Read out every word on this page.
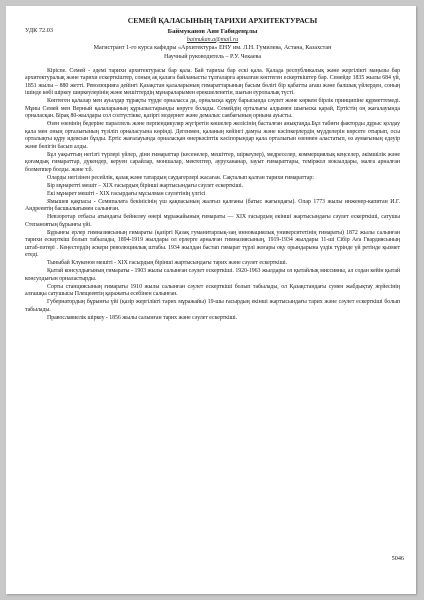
СЕМЕЙ ҚАЛАСЫНЫҢ ТАРИХИ АРХИТЕКТУРАСЫ
УДК 72.03	Баймуканов Аян Габиденұлы
baimukan.a@mail.ru
Магистрант 1-го курса кафедры «Архитектура» ЕНУ им. Л.Н. Гумилева, Астана, Казахстан
Научный руководитель – Р.У. Чекаева

Кіріспе. Семей - әдемі тарихи архитектурасы бар қала. Бай тарихы бар ескі қала. Қалада республикалық және жергілікті маңызы бар архитектуралық және тарихи ескерткіштер, соның ақ қалаға байланысты тұлғаларға арналған көптеген ескерткіштер бар. Семейде 1835 жылы 684 үй, 1851 жылы – 880 жетті. Революцияға дейінгі Қазақстан қалаларының гимараттарының басым бөлігі бір қабатты ағаш және балшық үйлерден, соның ішінде көбі шіркеу ширкеулерінің және мешіттердің мұнараларымен ерекшеленетін, шағын еуропалық түсті.

Көптеген қалалар мен ауылдар тұрақты түрде орналасса да, орналасқа құру барысында сәулет және көркем бірлік принципіне құрметтемеді. Мұны Семей мен Верный қалаларының құрылыстарынды көруге болады. Семейдің орталығы алдымен шығыска қарай, Ертістің оң жағалауында орналасқан. Бірақ 80-жылдары сол солтүстікке, қазіргі модернет және демалыс саябағының орнына ауысты.

Өзен өзенінің бедеріне параллель және перпендикуляр жүгіретін көшелер желісінің басталған анықтаңда.Бұл табиғи факторды дұрыс қолдау қала мен оның орталығының түзіліп орналасуына көрінді. Дегенмен, қаланың кейінгі дамуы және кәсіпкерлердің мүдделерін көрсете отырып, осы орталықты құру идеясын бұзды. Ертіс жағалауында орналасқан өнеркәсіптік кәсіпорындар қала орталығын өзеннен аластатып, өз аумағының едәуір және бөлігін басып алды.

Бұл уақыттың негізгі түрлері үйлер, діни ғимараттар (кесенелер, мешіттер, шіркеулер), медреселер, коммерциялық кеңселер, әкімшілік және қоғамдық ғимараттар, дүкендер, керуен сарайлар, моншалар, мектептер, аурухананар, зауыт ғимараттары, теміржол вокзалдары, малға арналған болмеппер болды. және т.б.

Оларды негізінен ресейлік, қазақ және татардың саудагерлері жасаған. Сақталып қалған тарихи ғимараттар:

Бір мұнаретті мешіт – XIX ғасырдың бірінші жартысындағы сәулет ескерткіші.

Екі мұнарет мешіті - XIX ғасырдағы мұсылман сәулетінің үлгісі

Ямышев қақпасы - Семипалата бекінісінің үш қақпасының жалғыз қалғаны (батыс жағындағы). Олар 1773 жылы инженер-капитан И.Г. Андреевтің басшылығымен салынған.

Невзоротар отбасы атындағы бейнелеу өнері мұражайының ғимараты — XIX ғасырдың екінші жартысындағы сәулет ескерткіші, сатушы Степановтың бұрынғы үйі.

Бұрынғы ерлер гимназиясының ғимараты (қазіргі Қазақ гуманитарлық-заң инновациялық университетінің ғимараты) 1872 жылы салынған тарихи ескерткіш болып табылады, 1894-1919 жылдары ол ерлерге арналған гимназиясының, 1919-1934 жылдары 11-ші Сібір Аға Гвардиясының штаб-пәтері . Кеңестердің әскери революциялық штабы. 1934 жылдан бастап гимарат түрлі жоғары оқу орындарына үздік түрінде үй ретінде қызмет етеді.

Тыныбай Клукенов мешіті - XIX ғасырдың бірінші жартысындағы тарих және сәулет ескерткіші.

Қытай консулдығының ғимараты - 1903 жылы салынған сәулет ескерткіші. 1920-1963 жылдары ол қытайлық миссияны, ал содан кейін қытай консулдығын орналастырды.

Сорты станциясының ғимараты 1910 жылы салынған сәулет ескерткіші болып табылады, ол Қазақстандағы сумен жабдықтау жүйесінің алғашқы сатушысы Плещеевтің қаражаты есебінен салынған.

Губернатордың бұрынғы үйі (қазір жергілікті тарих мұражайы) 19-шы ғасырдың екінші жартысындағы тарих және сәулет ескерткіші болып табылады.

Православиелік шіркеу - 1856 жылы салынған тарих және сәулет ескерткіші.

5046
